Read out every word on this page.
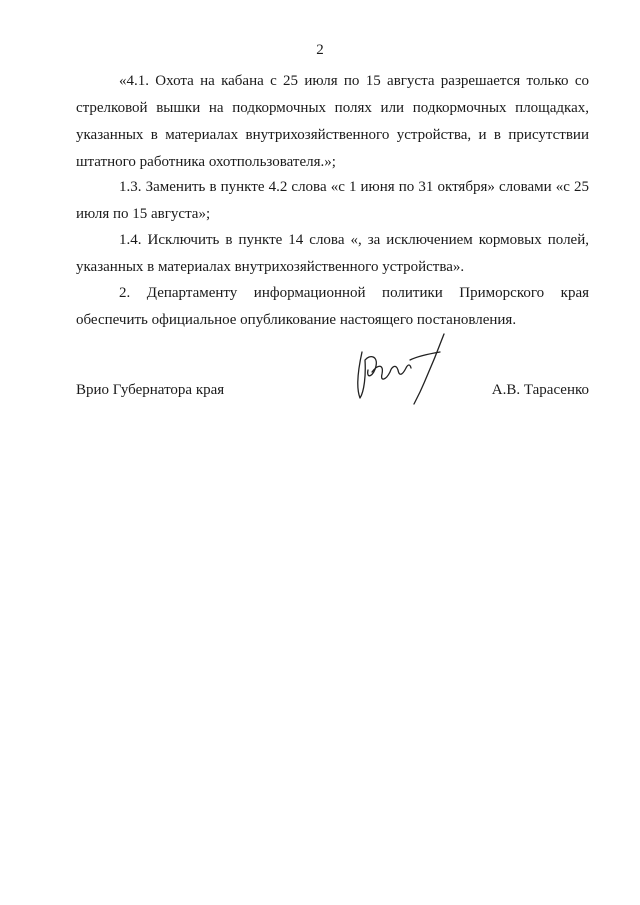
2

«4.1. Охота на кабана с 25 июля по 15 августа разрешается только со стрелковой вышки на подкормочных полях или подкормочных площадках, указанных в материалах внутрихозяйственного устройства, и в присутствии штатного работника охотпользователя.»;

1.3. Заменить в пункте 4.2 слова «с 1 июня по 31 октября» словами «с 25 июля по 15 августа»;

1.4. Исключить в пункте 14 слова «, за исключением кормовых полей, указанных в материалах внутрихозяйственного устройства».

2. Департаменту информационной политики Приморского края обеспечить официальное опубликование настоящего постановления.

Врио Губернатора края	А.В. Тарасенко
